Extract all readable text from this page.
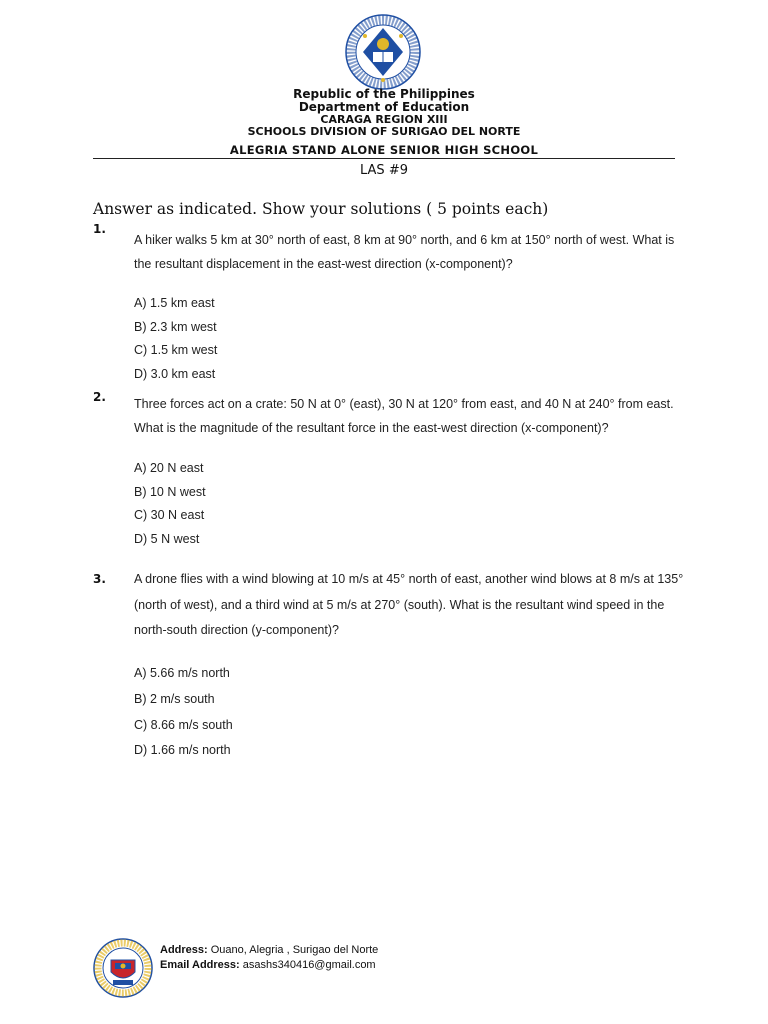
Republic of the Philippines
Department of Education
CARAGA REGION XIII
SCHOOLS DIVISION OF SURIGAO DEL NORTE
ALEGRIA STAND ALONE SENIOR HIGH SCHOOL
LAS #9
Answer as indicated. Show your solutions ( 5 points each)
1.
A hiker walks 5 km at 30° north of east, 8 km at 90° north, and 6 km at 150° north of west. What is
the resultant displacement in the east-west direction (x-component)?
A) 1.5 km east
B) 2.3 km west
C) 1.5 km west
D) 3.0 km east
2. Three forces act on a crate: 50 N at 0° (east), 30 N at 120° from east, and 40 N at 240° from east.
What is the magnitude of the resultant force in the east-west direction (x-component)?
A) 20 N east
B) 10 N west
C) 30 N east
D) 5 N west
3. A drone flies with a wind blowing at 10 m/s at 45° north of east, another wind blows at 8 m/s at 135°
(north of west), and a third wind at 5 m/s at 270° (south). What is the resultant wind speed in the
north-south direction (y-component)?
A) 5.66 m/s north
B) 2 m/s south
C) 8.66 m/s south
D) 1.66 m/s north
Address: Ouano, Alegria , Surigao del Norte
Email Address: asashs340416@gmail.com
